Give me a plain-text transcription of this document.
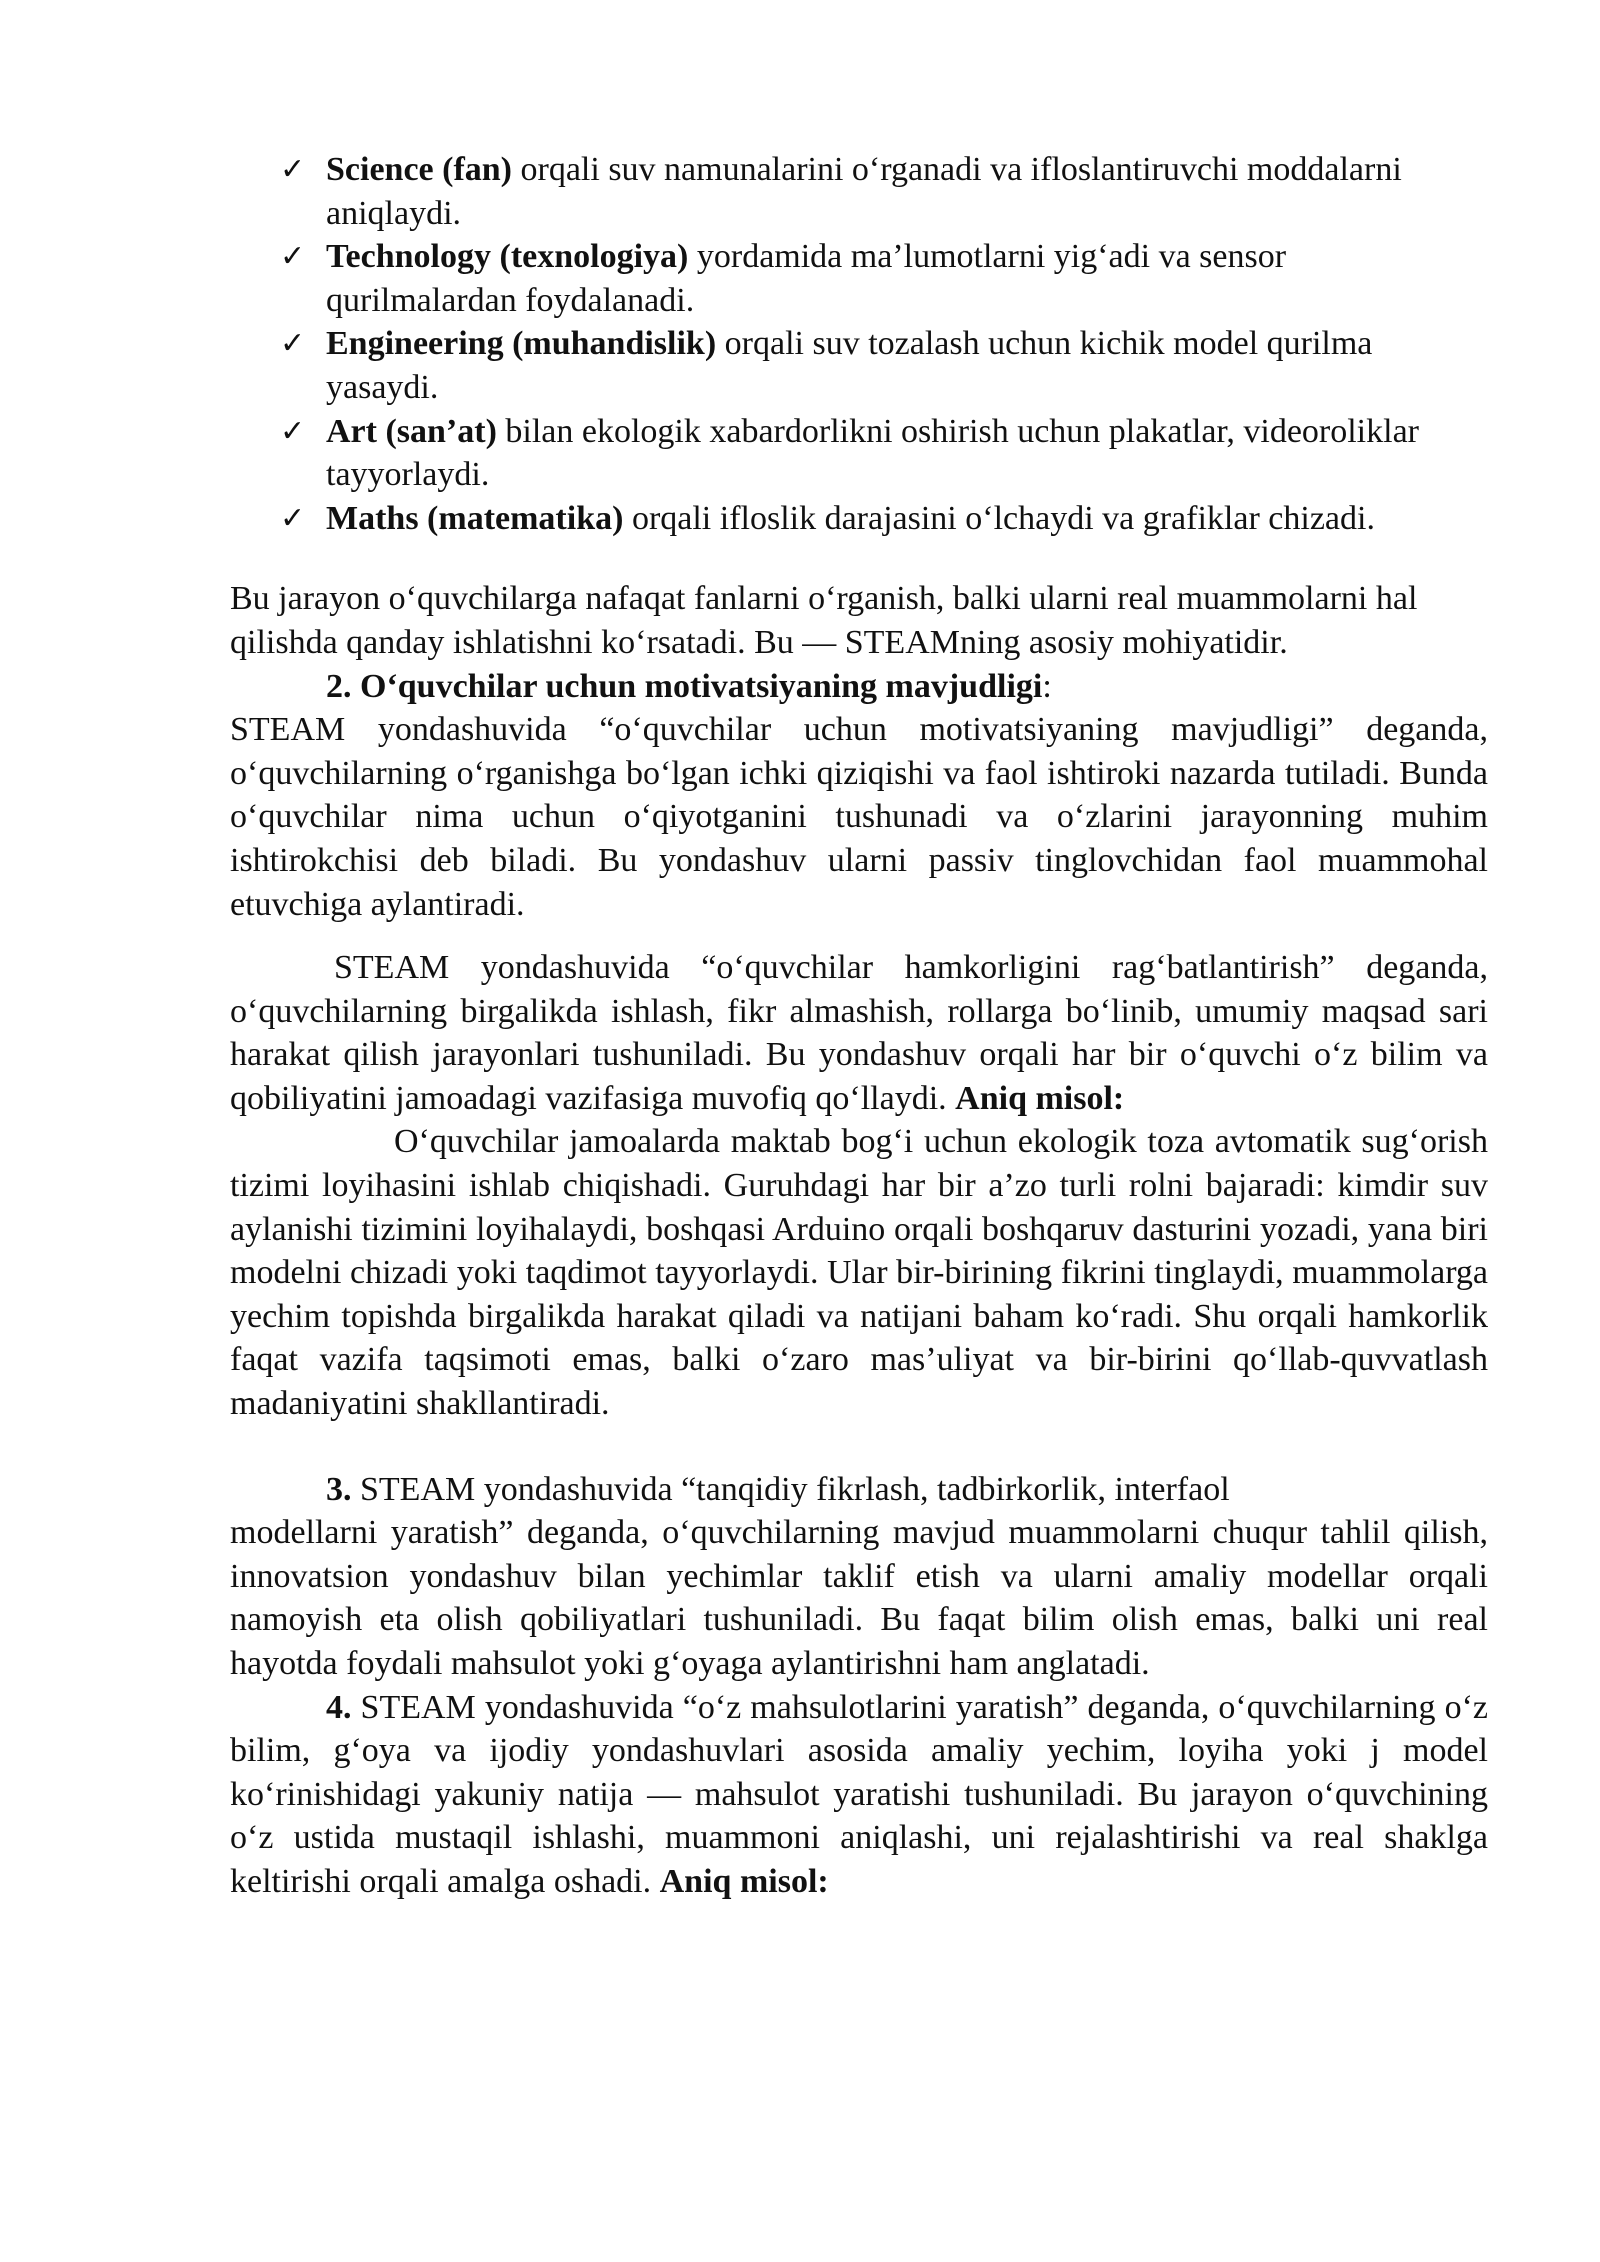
✓ Science (fan) orqali suv namunalarini o‘rganadi va ifloslantiruvchi moddalarni aniqlaydi.
✓ Technology (texnologiya) yordamida ma’lumotlarni yig‘adi va sensor qurilmalardan foydalanadi.
✓ Engineering (muhandislik) orqali suv tozalash uchun kichik model qurilma yasaydi.
✓ Art (san’at) bilan ekologik xabardorlikni oshirish uchun plakatlar, videoroliklar tayyorlaydi.
✓ Maths (matematika) orqali ifloslik darajasini o‘lchaydi va grafiklar chizadi.

Bu jarayon o‘quvchilarga nafaqat fanlarni o‘rganish, balki ularni real muammolarni hal qilishda qanday ishlatishni ko‘rsatadi. Bu — STEAMning asosiy mohiyatidir.

2. O‘quvchilar uchun motivatsiyaning mavjudligi:

STEAM yondashuvida “o‘quvchilar uchun motivatsiyaning mavjudligi” deganda, o‘quvchilarning o‘rganishga bo‘lgan ichki qiziqishi va faol ishtiroki nazarda tutiladi. Bunda o‘quvchilar nima uchun o‘qiyotganini tushunadi va o‘zlarini jarayonning muhim ishtirokchisi deb biladi. Bu yondashuv ularni passiv tinglovchidan faol muammohal etuvchiga aylantiradi.

STEAM yondashuvida “o‘quvchilar hamkorligini rag‘batlantirish” deganda, o‘quvchilarning birgalikda ishlash, fikr almashish, rollarga bo‘linib, umumiy maqsad sari harakat qilish jarayonlari tushuniladi. Bu yondashuv orqali har bir o‘quvchi o‘z bilim va qobiliyatini jamoadagi vazifasiga muvofiq qo‘llaydi. Aniq misol:

O‘quvchilar jamoalarda maktab bog‘i uchun ekologik toza avtomatik sug‘orish tizimi loyihasini ishlab chiqishadi. Guruhdagi har bir a’zo turli rolni bajaradi: kimdir suv aylanishi tizimini loyihalaydi, boshqasi Arduino orqali boshqaruv dasturini yozadi, yana biri modelni chizadi yoki taqdimot tayyorlaydi. Ular bir-birining fikrini tinglaydi, muammolarga yechim topishda birgalikda harakat qiladi va natijani baham ko‘radi. Shu orqali hamkorlik faqat vazifa taqsimoti emas, balki o‘zaro mas’uliyat va bir-birini qo‘llab-quvvatlash madaniyatini shakllantiradi.

3. STEAM yondashuvida “tanqidiy fikrlash, tadbirkorlik, interfaol

modellarni yaratish” deganda, o‘quvchilarning mavjud muammolarni chuqur tahlil qilish, innovatsion yondashuv bilan yechimlar taklif etish va ularni amaliy modellar orqali namoyish eta olish qobiliyatlari tushuniladi. Bu faqat bilim olish emas, balki uni real hayotda foydali mahsulot yoki g‘oyaga aylantirishni ham anglatadi.

4. STEAM yondashuvida “o‘z mahsulotlarini yaratish” deganda, o‘quvchilarning o‘z bilim, g‘oya va ijodiy yondashuvlari asosida amaliy yechim, loyiha yoki j model ko‘rinishidagi yakuniy natija — mahsulot yaratishi tushuniladi. Bu jarayon o‘quvchining o‘z ustida mustaqil ishlashi, muammoni aniqlashi, uni rejalashtirishi va real shaklga keltirishi orqali amalga oshadi. Aniq misol:
